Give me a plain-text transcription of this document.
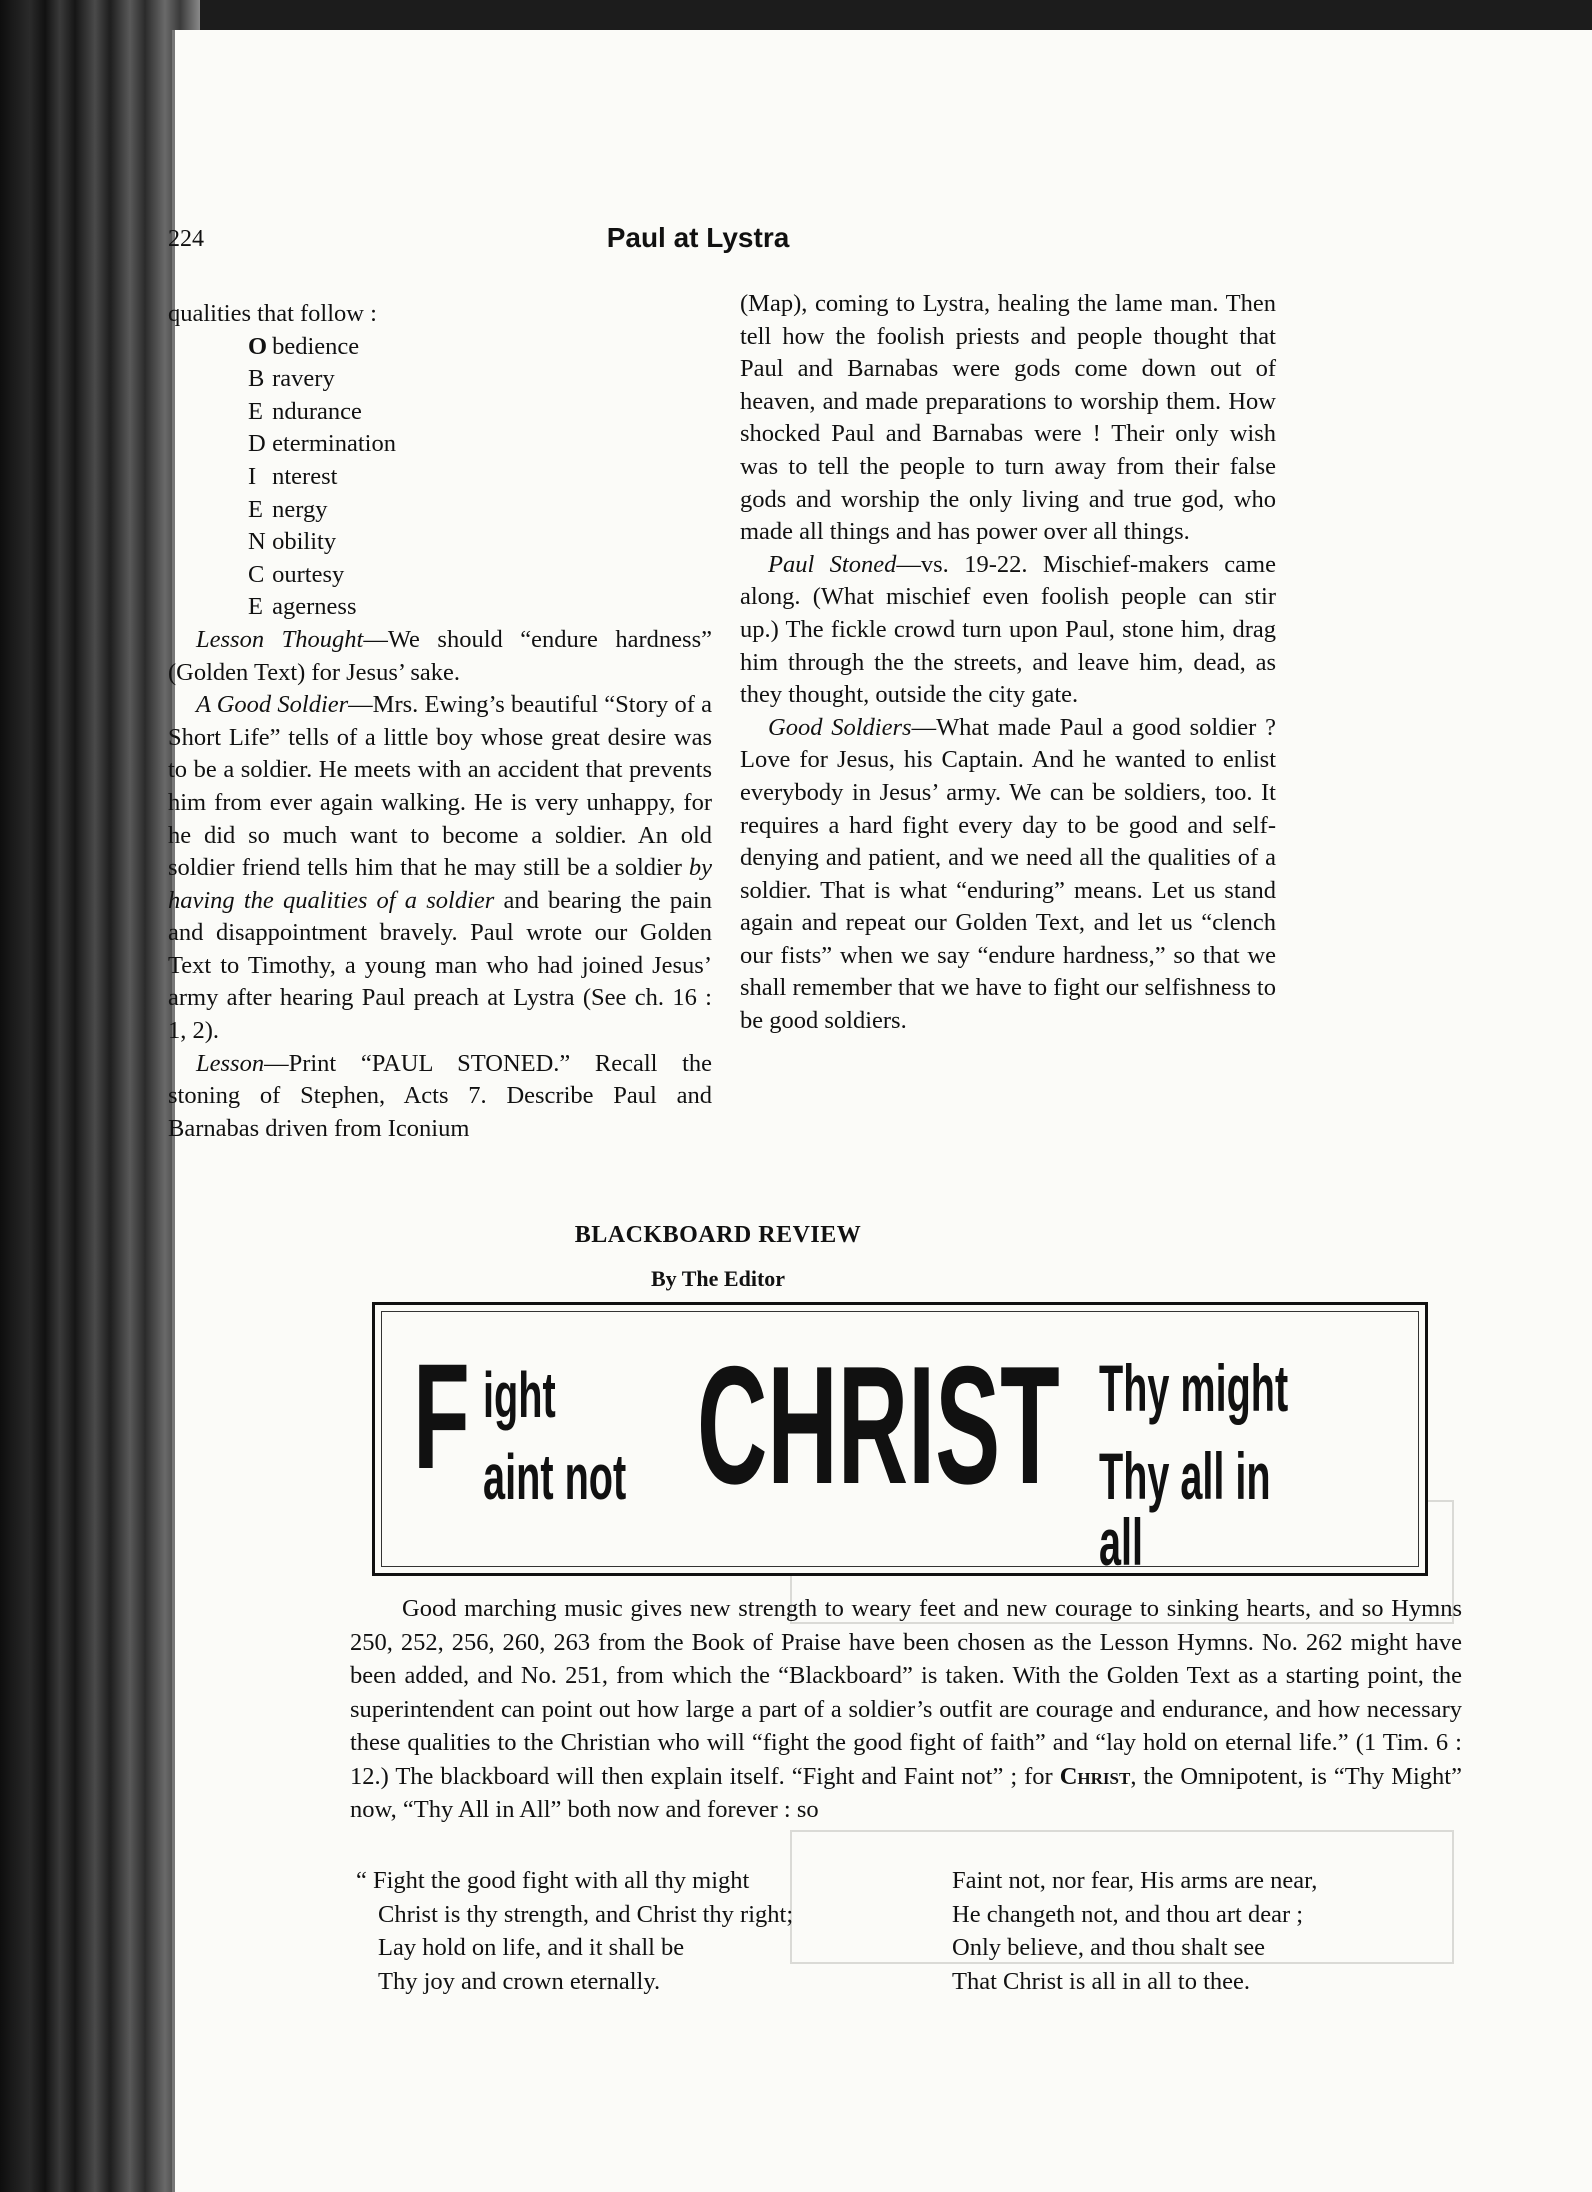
224	Paul at Lystra

qualities that follow :

O bedience
B ravery
E ndurance
D etermination
I nterest
E nergy
N obility
C ourtesy
E agerness

Lesson Thought—We should “endure hardness” (Golden Text) for Jesus’ sake.

A Good Soldier—Mrs. Ewing’s beautiful “Story of a Short Life” tells of a little boy whose great desire was to be a soldier. He meets with an accident that prevents him from ever again walking. He is very unhappy, for he did so much want to become a soldier. An old soldier friend tells him that he may still be a soldier by having the qualities of a soldier and bearing the pain and disappointment bravely. Paul wrote our Golden Text to Timothy, a young man who had joined Jesus’ army after hearing Paul preach at Lystra (See ch. 16 : 1, 2).

Lesson—Print “PAUL STONED.” Recall the stoning of Stephen, Acts 7. Describe Paul and Barnabas driven from Iconium

(Map), coming to Lystra, healing the lame man. Then tell how the foolish priests and people thought that Paul and Barnabas were gods come down out of heaven, and made preparations to worship them. How shocked Paul and Barnabas were ! Their only wish was to tell the people to turn away from their false gods and worship the only living and true god, who made all things and has power over all things.

Paul Stoned—vs. 19-22. Mischief-makers came along. (What mischief even foolish people can stir up.) The fickle crowd turn upon Paul, stone him, drag him through the the streets, and leave him, dead, as they thought, outside the city gate.

Good Soldiers—What made Paul a good soldier ? Love for Jesus, his Captain. And he wanted to enlist everybody in Jesus’ army. We can be soldiers, too. It requires a hard fight every day to be good and self-denying and patient, and we need all the qualities of a soldier. That is what “enduring” means. Let us stand again and repeat our Golden Text, and let us “clench our fists” when we say “endure hardness,” so that we shall remember that we have to fight our selfishness to be good soldiers.

BLACKBOARD REVIEW
By The Editor
F ight
aint not CHRIST Thy might
Thy all in all

Good marching music gives new strength to weary feet and new courage to sinking hearts, and so Hymns 250, 252, 256, 260, 263 from the Book of Praise have been chosen as the Lesson Hymns. No. 262 might have been added, and No. 251, from which the “Blackboard” is taken. With the Golden Text as a starting point, the superintendent can point out how large a part of a soldier’s outfit are courage and endurance, and how necessary these qualities to the Christian who will “fight the good fight of faith” and “lay hold on eternal life.” (1 Tim. 6 : 12.) The blackboard will then explain itself. “Fight and Faint not” ; for Christ, the Omnipotent, is “Thy Might” now, “Thy All in All” both now and forever : so

“ Fight the good fight with all thy might
Christ is thy strength, and Christ thy right;
Lay hold on life, and it shall be
Thy joy and crown eternally.
Faint not, nor fear, His arms are near,
He changeth not, and thou art dear ;
Only believe, and thou shalt see
That Christ is all in all to thee.
